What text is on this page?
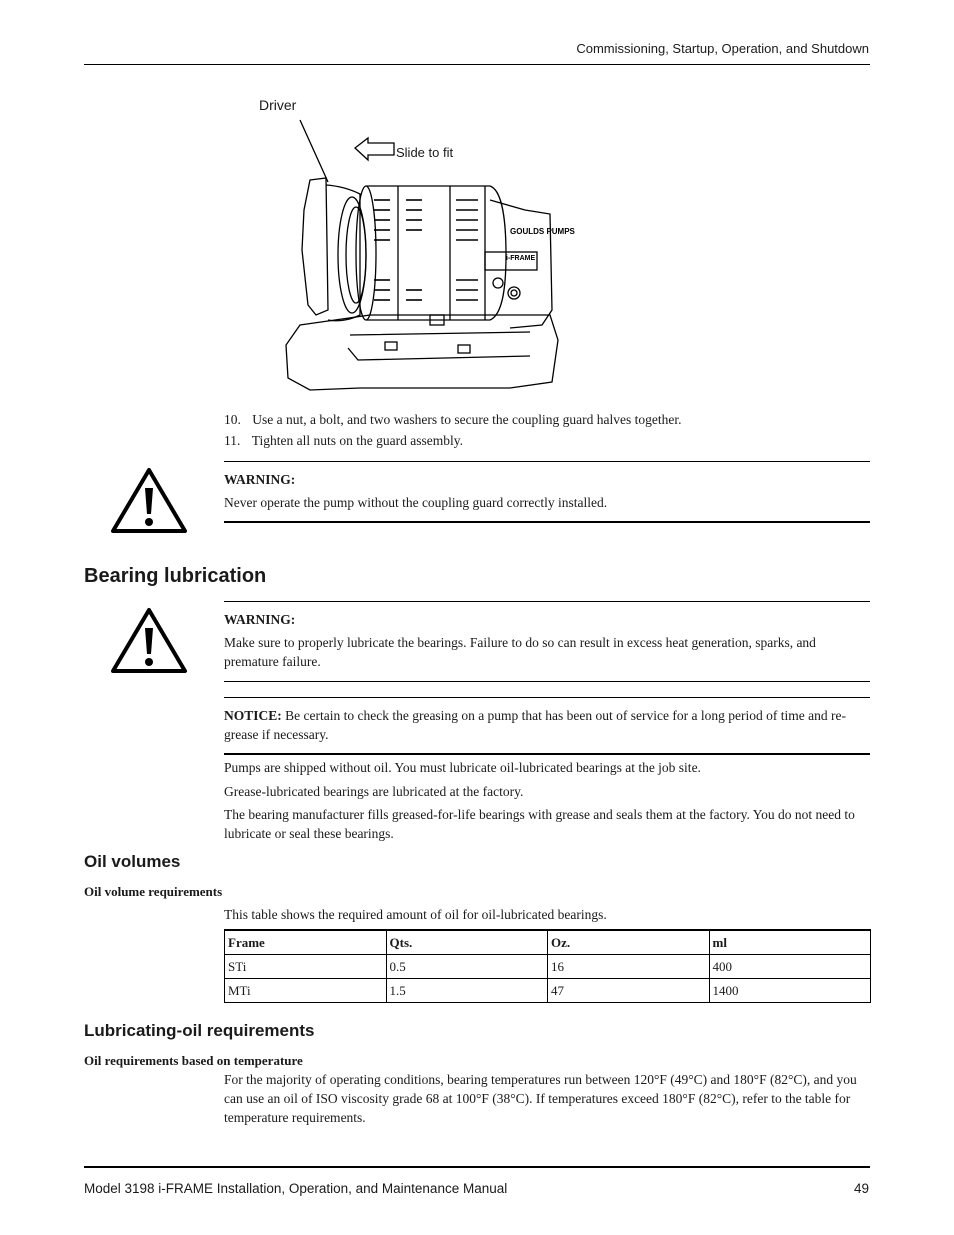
Commissioning, Startup, Operation, and Shutdown
Driver
Slide to fit
GOULDS PUMPS
i-FRAME
10. Use a nut, a bolt, and two washers to secure the coupling guard halves together.
11. Tighten all nuts on the guard assembly.
WARNING:
Never operate the pump without the coupling guard correctly installed.
Bearing lubrication
WARNING:
Make sure to properly lubricate the bearings. Failure to do so can result in excess heat generation, sparks, and premature failure.
NOTICE: Be certain to check the greasing on a pump that has been out of service for a long period of time and re-grease if necessary.
Pumps are shipped without oil. You must lubricate oil-lubricated bearings at the job site.
Grease-lubricated bearings are lubricated at the factory.
The bearing manufacturer fills greased-for-life bearings with grease and seals them at the factory. You do not need to lubricate or seal these bearings.
Oil volumes
Oil volume requirements
This table shows the required amount of oil for oil-lubricated bearings.
Frame	Qts.	Oz.	ml
STi	0.5	16	400
MTi	1.5	47	1400
Lubricating-oil requirements
Oil requirements based on temperature
For the majority of operating conditions, bearing temperatures run between 120°F (49°C) and 180°F (82°C), and you can use an oil of ISO viscosity grade 68 at 100°F (38°C). If temperatures exceed 180°F (82°C), refer to the table for temperature requirements.
Model 3198 i-FRAME Installation, Operation, and Maintenance Manual	49
